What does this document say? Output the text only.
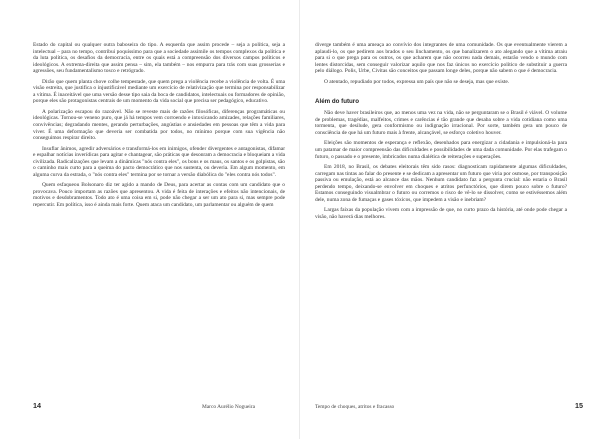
Estado do capital ou qualquer outra baboseira do tipo. A esquerda que assim procede – seja a política, seja a intelectual – para no tempo, contribui poquíssimo para que a sociedade assimile os tempos complexos da política e da luta política, os desafios da democracia, entre os quais está a compreensão dos diversos campos políticos e ideológicos. A extrema-direita que assim pensa – sim, ela também – nos empurra para trás com suas grosserias e agressões, seu fundamentalismo tosco e retrógrado.

Dirão que quem planta chove colhe tempestade, que quem prega a violência recebe a violência de volta. É uma visão estreita, que justifica o injustificável mediante um exercício de relativização que termina por responsabilizar a vítima. É inaceitável que uma versão desse tipo saia da boca de candidatos, intelectuais ou formadores de opinião, porque eles são protagonistas centrais de um momento da vida social que precisa ser pedagógico, educativo.

A polarização escapou do razoável. Não se reveste mais de razões filosóficas, diferenças programáticas ou ideológicas. Tornou-se veneno puro, que já há tempos vem corroendo e intoxicando amizades, relações familiares, convivências; degradando mentes, gerando perturbações, angústias e ansiedades em pessoas que têm a vida para viver. É uma deformação que deveria ser combatida por todos, no mínimo porque com sua vigência não conseguimos respirar direito.

Insuflar ânimos, agredir adversários e transformá-los em inimigos, ofender divergentes e antagonistas, difamar e espalhar notícias inverídicas para agitar e chantagear, são práticas que desonram a democracia e bloqueiam a vida civilizada. Radicalizações que levam a dinâmicas "nós contra eles", os bons e os maus, os santos e os golpistas, são o caminho mais curto para a queima do pacto democrático que nos sustenta, ou deveria. Em algum momento, em alguma curva da estrada, o "nós contra eles" termina por se tornar a versão diabólica do "eles contra nós todos".

Quem esfaqueou Bolsonaro diz ter agido a mando de Deus, para acertar as contas com um candidato que o provocava. Pouco importam as razões que apresentou. A vida é feita de interações e efeitos não intencionais, de motivos e desdobramentos. Todo ato é uma coisa em si, pode não chegar a ser um ato para si, mas sempre pode repercutir. Em política, isso é ainda mais forte. Quem ataca um candidato, um parlamentar ou alguém de quem

14	Marco Aurélio Nogueira

diverge também é uma ameaça ao convívio dos integrantes de uma comunidade. Os que eventualmente vierem a aplaudi-lo, os que pedirem aos brados o seu linchamento, os que banalizarem o ato alegando que a vítima atraiu para si o que prega para os outros, os que acharem que não ocorreu nada demais, estarão vendo o mundo com lentes distorcidas, sem conseguir valorizar aquilo que nos faz únicos no exercício político de substituir a guerra pelo diálogo. Polis, Urbe, Civitas são conceitos que passam longe deles, porque não sabem o que é democracia.

O atentado, repudiado por todos, expressa um país que não se deseja, mas que existe.

Além do futuro

Não deve haver brasileiros que, ao menos uma vez na vida, não se perguntaram se o Brasil é viável. O volume de problemas, tragédias, malfeitos, crimes e carências é tão grande que desaba sobre a vida cotidiana como uma tormenta, que desilude, gera conformismo ou indignação irracional. Por sorte, também gera um pouco de consciência de que há um futuro mais à frente, alcançável, se esforço coletivo houver.

Eleições são momentos de esperança e reflexão, desenhados para energizar a cidadania e impulsioná-la para um patamar de maior compreensão das dificuldades e possibilidades de uma dada comunidade. Por elas trafegam o futuro, o passado e o presente, imbricados numa dialética de reiterações e superações.

Em 2018, no Brasil, os debates eleitorais têm sido rasos: diagnosticam rapidamente algumas dificuldades, carregam nas tintas ao falar do presente e se dedicam a apresentar um futuro que viria por osmose, por transposição passiva ou emulação, está ao alcance das mãos. Nenhum candidato faz a pergunta crucial: não estaria o Brasil perdendo tempo, deixando-se envolver em choques e atritos perfunctórios, que direm pouco sobre o futuro? Estamos conseguindo visualmbrar o futuro ou corremos o risco de vê-lo se dissolver, como se estivéssemos além dele, numa zona de fumaças e gases tóxicos, que impedem a visão e inebriam?

Largas faixas da população vivem com a impressão de que, no curto prazo da história, até onde pode chegar a visão, não haverá dias melhores.

Tempo de choques, atritos e fracasso	15
